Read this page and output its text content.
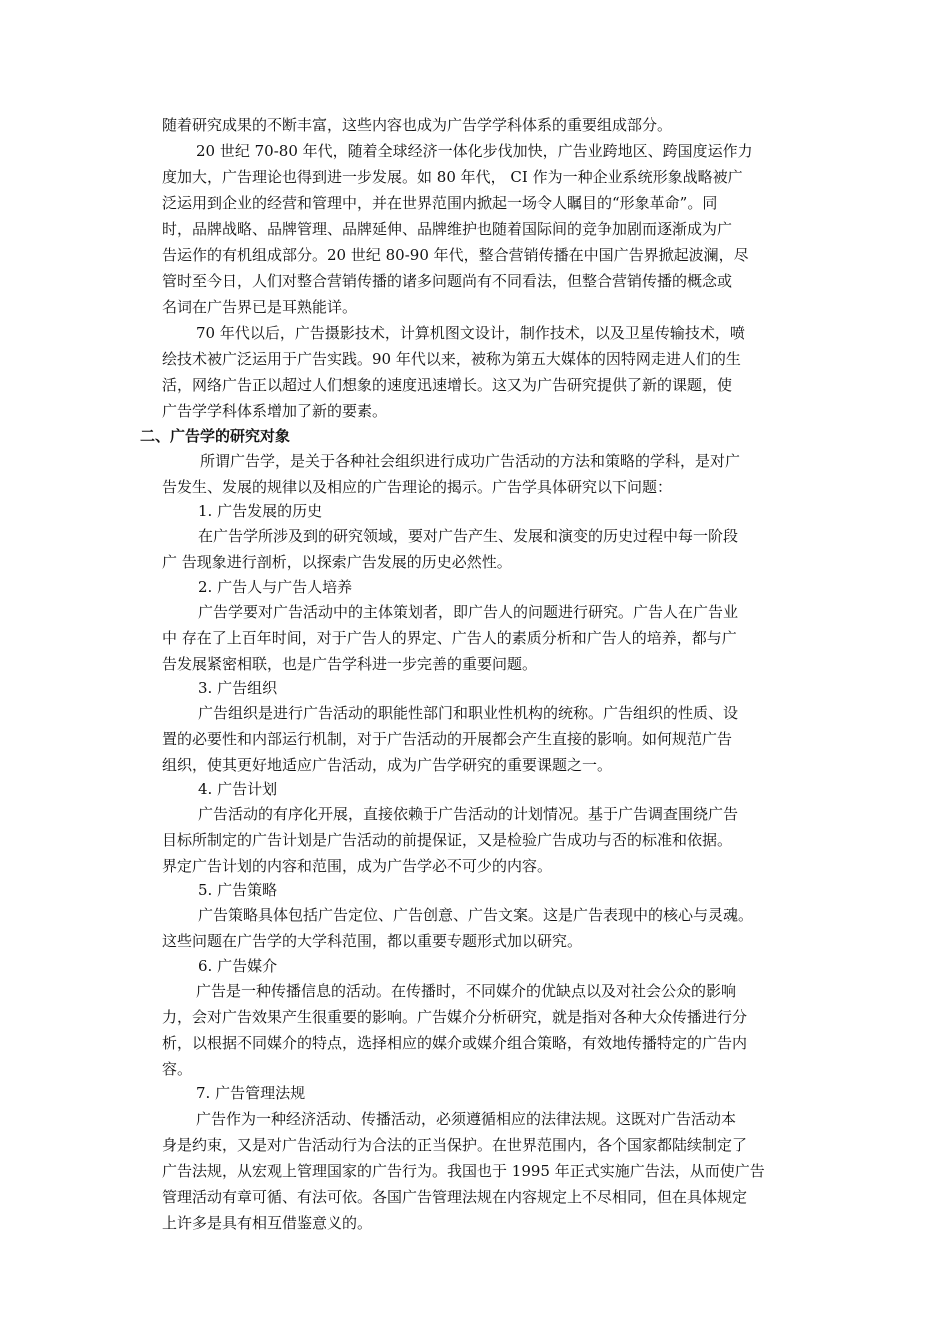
随着研究成果的不断丰富，这些内容也成为广告学学科体系的重要组成部分。
20 世纪 70-80 年代，随着全球经济一体化步伐加快，广告业跨地区、跨国度运作力
度加大，广告理论也得到进一步发展。如 80 年代， CI 作为一种企业系统形象战略被广
泛运用到企业的经营和管理中，并在世界范围内掀起一场令人瞩目的“形象革命”。同
时，品牌战略、品牌管理、品牌延伸、品牌维护也随着国际间的竞争加剧而逐渐成为广
告运作的有机组成部分。20 世纪 80-90 年代，整合营销传播在中国广告界掀起波澜，尽
管时至今日，人们对整合营销传播的诸多问题尚有不同看法，但整合营销传播的概念或
名词在广告界已是耳熟能详。
70 年代以后，广告摄影技术，计算机图文设计，制作技术，以及卫星传输技术，喷
绘技术被广泛运用于广告实践。90 年代以来，被称为第五大媒体的因特网走进人们的生
活，网络广告正以超过人们想象的速度迅速增长。这又为广告研究提供了新的课题，使
广告学学科体系增加了新的要素。
二、广告学的研究对象
所谓广告学，是关于各种社会组织进行成功广告活动的方法和策略的学科，是对广
告发生、发展的规律以及相应的广告理论的揭示。广告学具体研究以下问题：
1. 广告发展的历史
在广告学所涉及到的研究领域，要对广告产生、发展和演变的历史过程中每一阶段
广 告现象进行剖析，以探索广告发展的历史必然性。
2. 广告人与广告人培养
广告学要对广告活动中的主体策划者，即广告人的问题进行研究。广告人在广告业
中 存在了上百年时间，对于广告人的界定、广告人的素质分析和广告人的培养，都与广
告发展紧密相联，也是广告学科进一步完善的重要问题。
3. 广告组织
广告组织是进行广告活动的职能性部门和职业性机构的统称。广告组织的性质、设
置的必要性和内部运行机制，对于广告活动的开展都会产生直接的影响。如何规范广告
组织，使其更好地适应广告活动，成为广告学研究的重要课题之一。
4. 广告计划
广告活动的有序化开展，直接依赖于广告活动的计划情况。基于广告调查围绕广告
目标所制定的广告计划是广告活动的前提保证，又是检验广告成功与否的标准和依据。
界定广告计划的内容和范围，成为广告学必不可少的内容。
5. 广告策略
广告策略具体包括广告定位、广告创意、广告文案。这是广告表现中的核心与灵魂。
这些问题在广告学的大学科范围，都以重要专题形式加以研究。
6. 广告媒介
广告是一种传播信息的活动。在传播时，不同媒介的优缺点以及对社会公众的影响
力，会对广告效果产生很重要的影响。广告媒介分析研究，就是指对各种大众传播进行分
析，以根据不同媒介的特点，选择相应的媒介或媒介组合策略，有效地传播特定的广告内
容。
7. 广告管理法规
广告作为一种经济活动、传播活动，必须遵循相应的法律法规。这既对广告活动本
身是约束，又是对广告活动行为合法的正当保护。在世界范围内，各个国家都陆续制定了
广告法规，从宏观上管理国家的广告行为。我国也于 1995 年正式实施广告法，从而使广告
管理活动有章可循、有法可依。各国广告管理法规在内容规定上不尽相同，但在具体规定
上许多是具有相互借鉴意义的。
